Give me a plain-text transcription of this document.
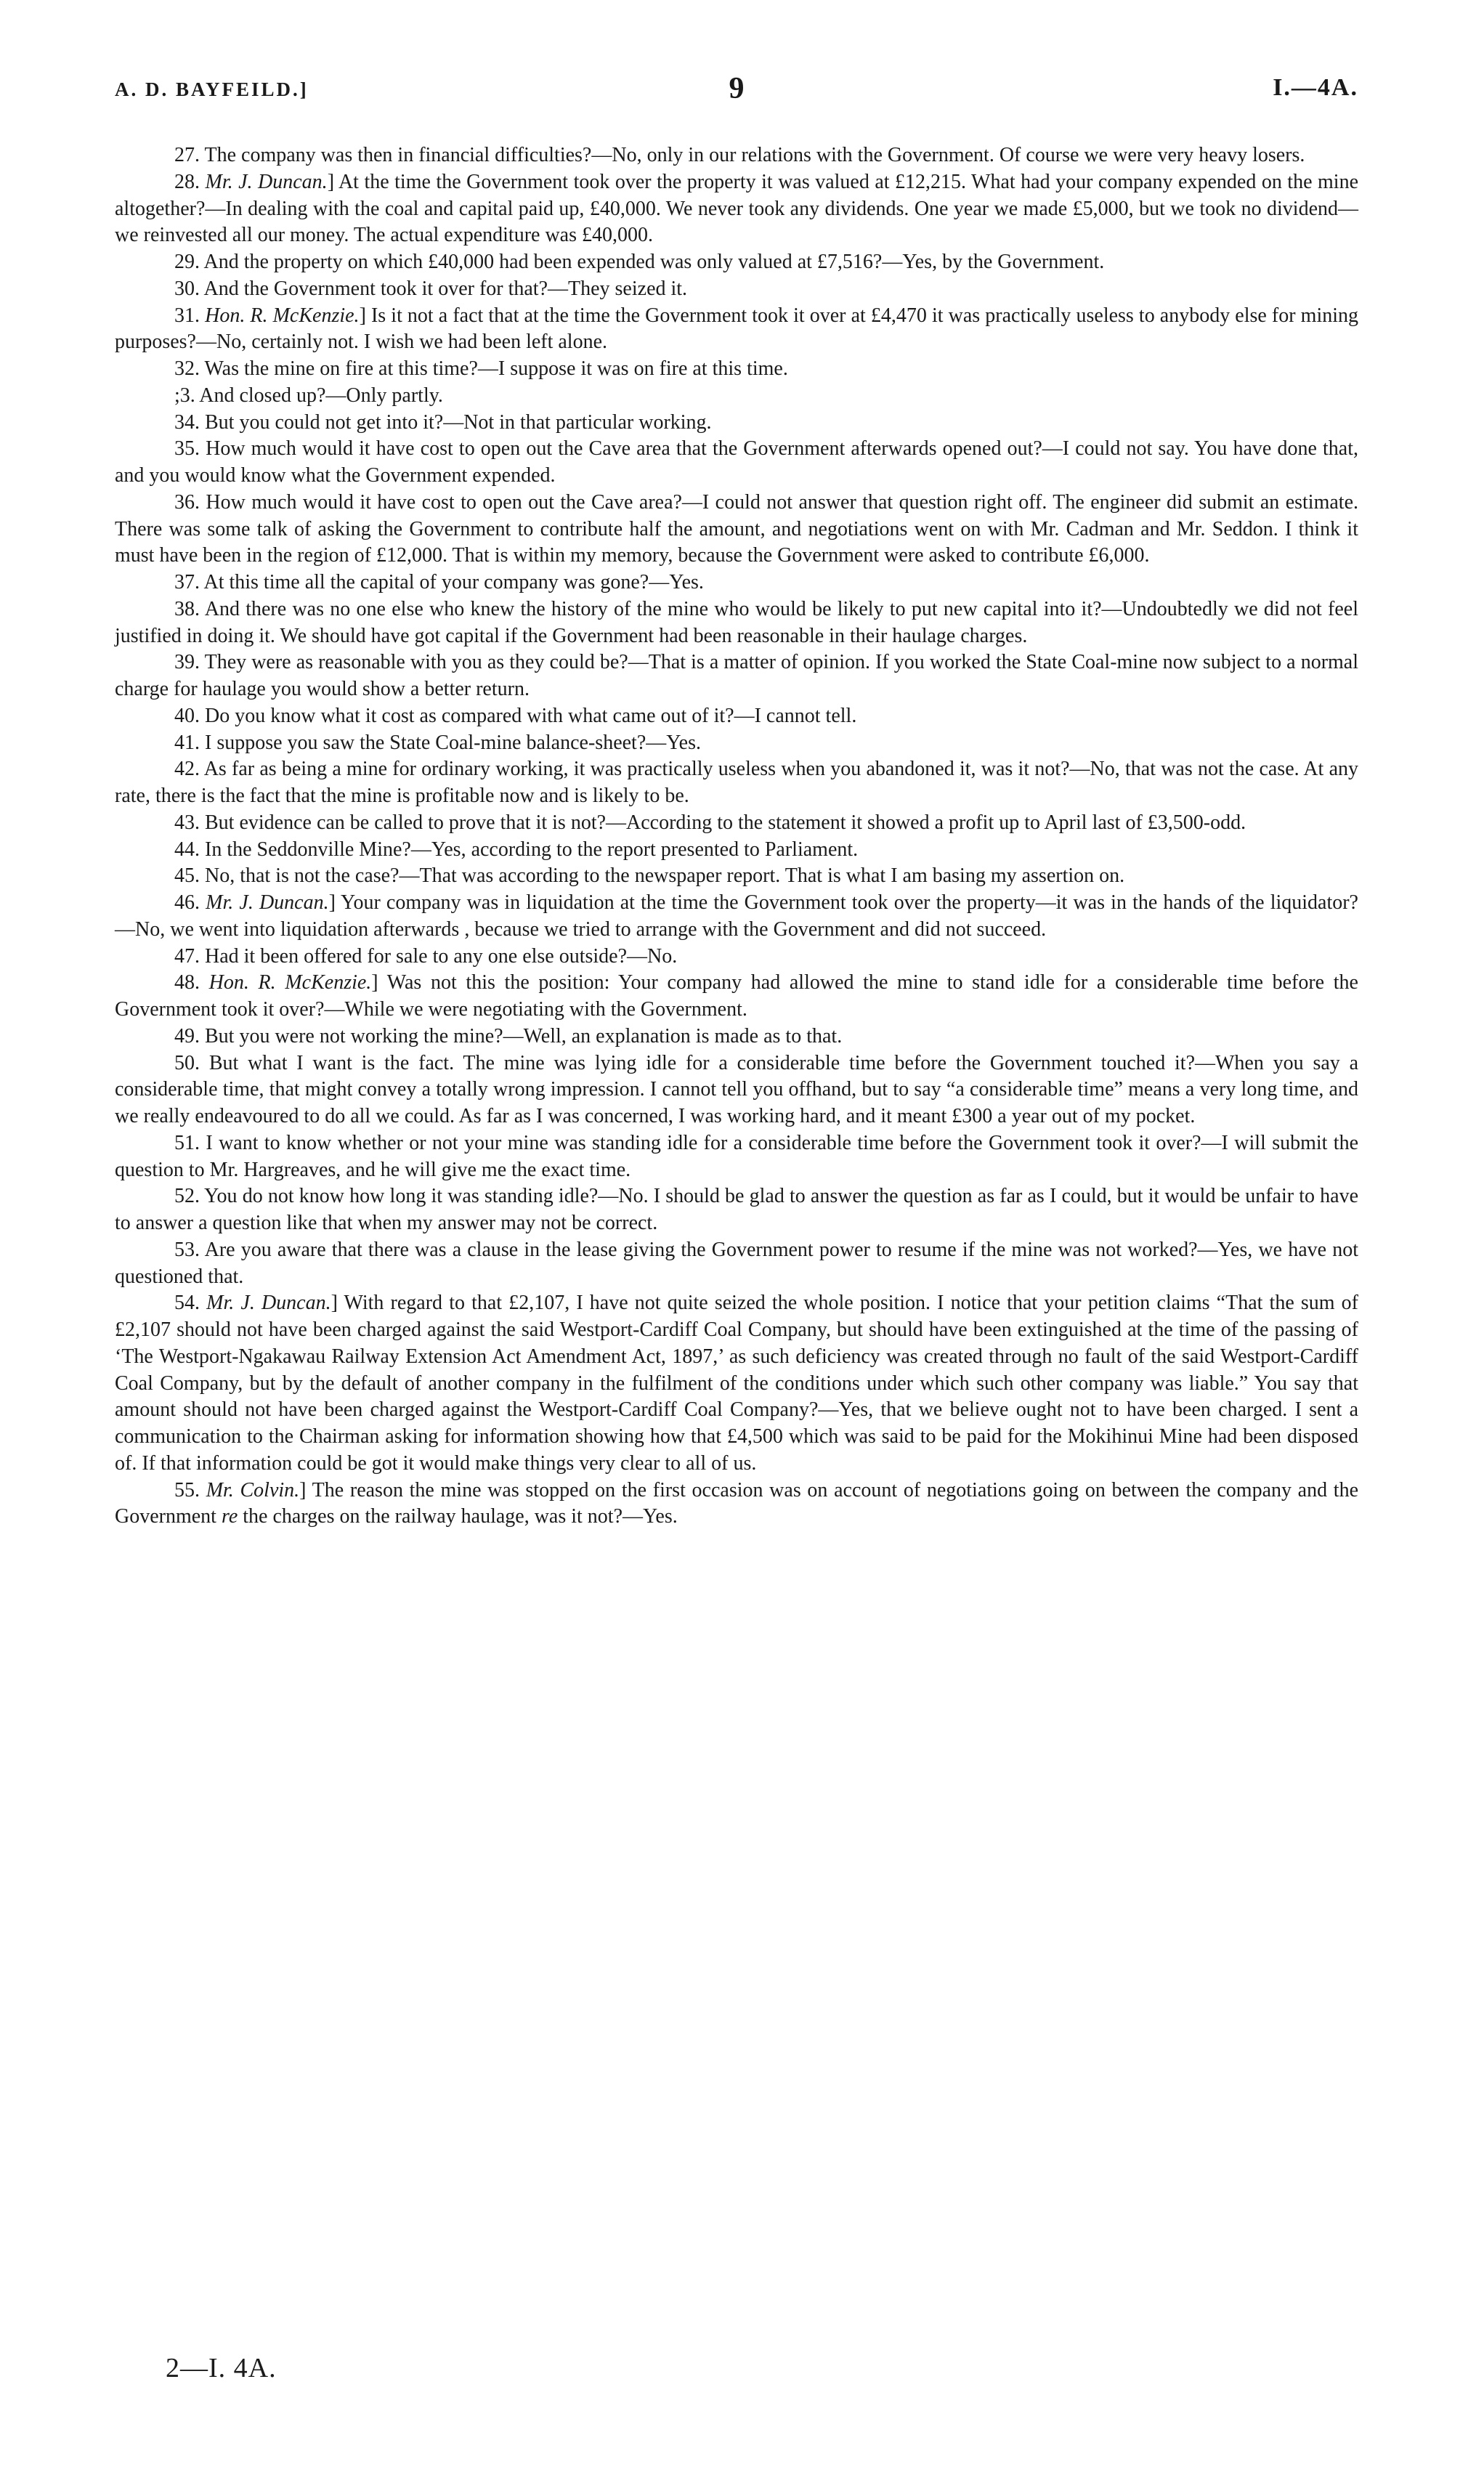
A. D. BAYFEILD.]	9	I.—4A.

27. The company was then in financial difficulties?—No, only in our relations with the Government. Of course we were very heavy losers.

28. Mr. J. Duncan.] At the time the Government took over the property it was valued at £12,215. What had your company expended on the mine altogether?—In dealing with the coal and capital paid up, £40,000. We never took any dividends. One year we made £5,000, but we took no dividend—we reinvested all our money. The actual expenditure was £40,000.

29. And the property on which £40,000 had been expended was only valued at £7,516?—Yes, by the Government.

30. And the Government took it over for that?—They seized it.

31. Hon. R. McKenzie.] Is it not a fact that at the time the Government took it over at £4,470 it was practically useless to anybody else for mining purposes?—No, certainly not. I wish we had been left alone.

32. Was the mine on fire at this time?—I suppose it was on fire at this time.

;3. And closed up?—Only partly.

34. But you could not get into it?—Not in that particular working.

35. How much would it have cost to open out the Cave area that the Government afterwards opened out?—I could not say. You have done that, and you would know what the Government expended.

36. How much would it have cost to open out the Cave area?—I could not answer that question right off. The engineer did submit an estimate. There was some talk of asking the Government to contribute half the amount, and negotiations went on with Mr. Cadman and Mr. Seddon. I think it must have been in the region of £12,000. That is within my memory, because the Government were asked to contribute £6,000.

37. At this time all the capital of your company was gone?—Yes.

38. And there was no one else who knew the history of the mine who would be likely to put new capital into it?—Undoubtedly we did not feel justified in doing it. We should have got capital if the Government had been reasonable in their haulage charges.

39. They were as reasonable with you as they could be?—That is a matter of opinion. If you worked the State Coal-mine now subject to a normal charge for haulage you would show a better return.

40. Do you know what it cost as compared with what came out of it?—I cannot tell.

41. I suppose you saw the State Coal-mine balance-sheet?—Yes.

42. As far as being a mine for ordinary working, it was practically useless when you abandoned it, was it not?—No, that was not the case. At any rate, there is the fact that the mine is profitable now and is likely to be.

43. But evidence can be called to prove that it is not?—According to the statement it showed a profit up to April last of £3,500-odd.

44. In the Seddonville Mine?—Yes, according to the report presented to Parliament.

45. No, that is not the case?—That was according to the newspaper report. That is what I am basing my assertion on.

46. Mr. J. Duncan.] Your company was in liquidation at the time the Government took over the property—it was in the hands of the liquidator?—No, we went into liquidation afterwards , because we tried to arrange with the Government and did not succeed.

47. Had it been offered for sale to any one else outside?—No.

48. Hon. R. McKenzie.] Was not this the position: Your company had allowed the mine to stand idle for a considerable time before the Government took it over?—While we were negotiating with the Government.

49. But you were not working the mine?—Well, an explanation is made as to that.

50. But what I want is the fact. The mine was lying idle for a considerable time before the Government touched it?—When you say a considerable time, that might convey a totally wrong impression. I cannot tell you offhand, but to say “a considerable time” means a very long time, and we really endeavoured to do all we could. As far as I was concerned, I was working hard, and it meant £300 a year out of my pocket.

51. I want to know whether or not your mine was standing idle for a considerable time before the Government took it over?—I will submit the question to Mr. Hargreaves, and he will give me the exact time.

52. You do not know how long it was standing idle?—No. I should be glad to answer the question as far as I could, but it would be unfair to have to answer a question like that when my answer may not be correct.

53. Are you aware that there was a clause in the lease giving the Government power to resume if the mine was not worked?—Yes, we have not questioned that.

54. Mr. J. Duncan.] With regard to that £2,107, I have not quite seized the whole position. I notice that your petition claims “That the sum of £2,107 should not have been charged against the said Westport-Cardiff Coal Company, but should have been extinguished at the time of the passing of ‘The Westport-Ngakawau Railway Extension Act Amendment Act, 1897,’ as such deficiency was created through no fault of the said Westport-Cardiff Coal Company, but by the default of another company in the fulfilment of the conditions under which such other company was liable.” You say that amount should not have been charged against the Westport-Cardiff Coal Company?—Yes, that we believe ought not to have been charged. I sent a communication to the Chairman asking for information showing how that £4,500 which was said to be paid for the Mokihinui Mine had been disposed of. If that information could be got it would make things very clear to all of us.

55. Mr. Colvin.] The reason the mine was stopped on the first occasion was on account of negotiations going on between the company and the Government re the charges on the railway haulage, was it not?—Yes.

2—I. 4A.
